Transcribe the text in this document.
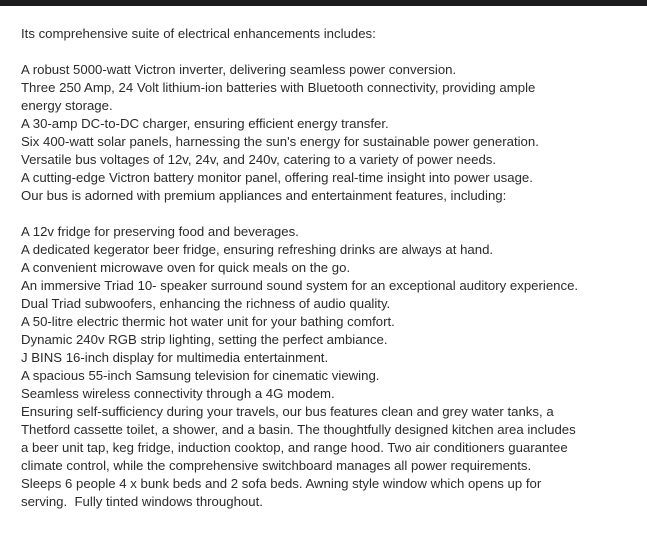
Its comprehensive suite of electrical enhancements includes:
A robust 5000-watt Victron inverter, delivering seamless power conversion.
Three 250 Amp, 24 Volt lithium-ion batteries with Bluetooth connectivity, providing ample
energy storage.
A 30-amp DC-to-DC charger, ensuring efficient energy transfer.
Six 400-watt solar panels, harnessing the sun's energy for sustainable power generation.
Versatile bus voltages of 12v, 24v, and 240v, catering to a variety of power needs.
A cutting-edge Victron battery monitor panel, offering real-time insight into power usage.
Our bus is adorned with premium appliances and entertainment features, including:
A 12v fridge for preserving food and beverages.
A dedicated kegerator beer fridge, ensuring refreshing drinks are always at hand.
A convenient microwave oven for quick meals on the go.
An immersive Triad 10- speaker surround sound system for an exceptional auditory experience.
Dual Triad subwoofers, enhancing the richness of audio quality.
A 50-litre electric thermic hot water unit for your bathing comfort.
Dynamic 240v RGB strip lighting, setting the perfect ambiance.
J BINS 16-inch display for multimedia entertainment.
A spacious 55-inch Samsung television for cinematic viewing.
Seamless wireless connectivity through a 4G modem.
Ensuring self-sufficiency during your travels, our bus features clean and grey water tanks, a
Thetford cassette toilet, a shower, and a basin. The thoughtfully designed kitchen area includes
a beer unit tap, keg fridge, induction cooktop, and range hood. Two air conditioners guarantee
climate control, while the comprehensive switchboard manages all power requirements.
Sleeps 6 people 4 x bunk beds and 2 sofa beds. Awning style window which opens up for
serving.  Fully tinted windows throughout.
